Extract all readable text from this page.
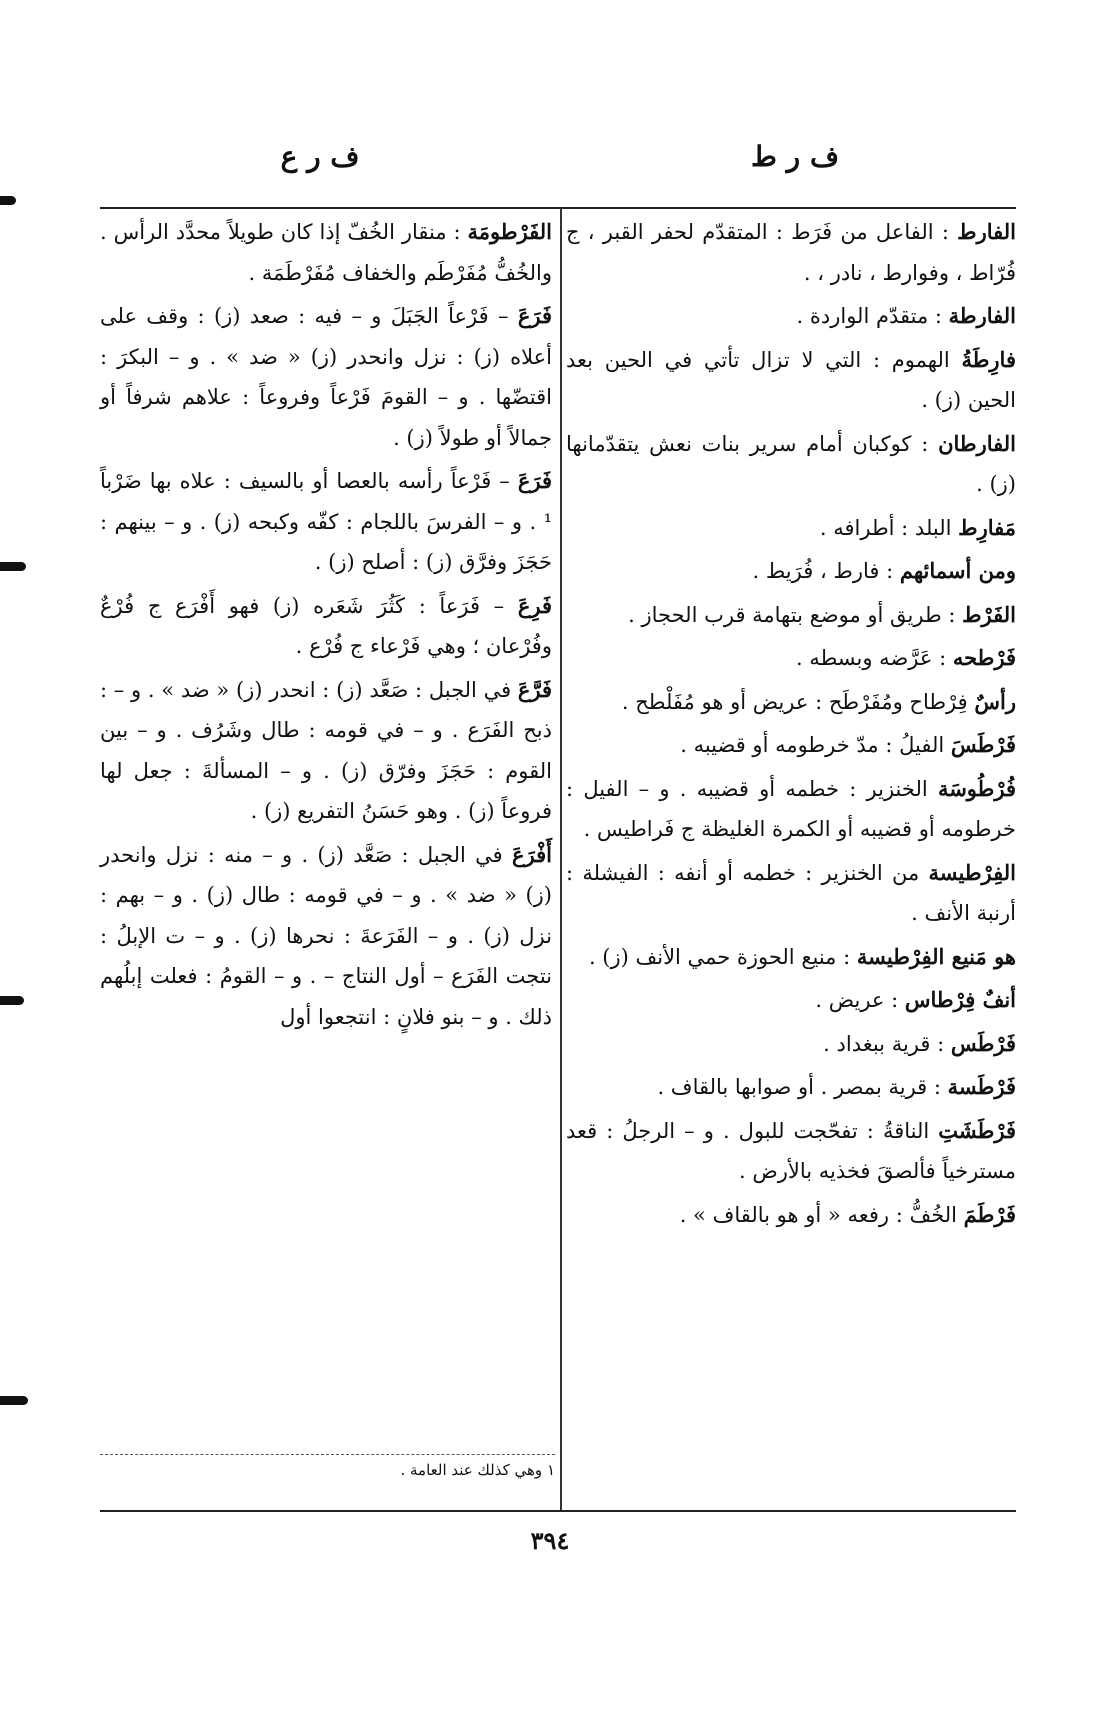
ف ر ط
ف ر ع
الفارط : الفاعل من فَرَط : المتقدّم لحفر القبر ، ج فُرّاط ، وفوارط ، نادر ، .
الفارطة : متقدّم الواردة .
فارِطَةُ الهموم : التي لا تزال تأتي في الحين بعد الحين (ز) .
الفارطان : كوكبان أمام سرير بنات نعش يتقدّمانها (ز) .
مَفارِط البلد : أطرافه .
ومن أسمائهم : فارط ، فُرَيط .
الفَرْط : طريق أو موضع بتهامة قرب الحجاز .
فَرْطحه : عَرَّضه وبسطه .
رأسٌ فِرْطاح ومُفَرْطَح : عريض أو هو مُفَلْطح .
فَرْطَسَ الفيلُ : مدّ خرطومه أو قضيبه .
فُرْطُوسَة الخنزير : خطمه أو قضيبه . و – الفيل : خرطومه أو قضيبه أو الكمرة الغليظة ج فَراطيس .
الفِرْطيسة من الخنزير : خطمه أو أنفه : الفيشلة : أرنبة الأنف .
هو مَنيع الفِرْطيسة : منيع الحوزة حمي الأنف (ز) .
أنفٌ فِرْطاس : عريض .
فَرْطَس : قرية ببغداد .
فَرْطَسة : قرية بمصر . أو صوابها بالقاف .
فَرْطَشَتِ الناقةُ : تفحّجت للبول . و – الرجلُ : قعد مسترخياً فألصقَ فخذيه بالأرض .
فَرْطَمَ الخُفُّ : رفعه « أو هو بالقاف » .
الفَرْطومَة : منقار الخُفّ إذا كان طويلاً محدَّد الرأس . والخُفُّ مُفَرْطَم والخفاف مُفَرْطَمَة .
فَرَعَ – فَرْعاً الجَبَلَ و – فيه : صعد (ز) : وقف على أعلاه (ز) : نزل وانحدر (ز) « ضد » . و – البكرَ : اقتضّها . و – القومَ فَرْعاً وفروعاً : علاهم شرفاً أو جمالاً أو طولاً (ز) .
فَرَعَ – فَرْعاً رأسه بالعصا أو بالسيف : علاه بها ضَرْباً ¹ . و – الفرسَ باللجام : كفّه وكبحه (ز) . و – بينهم : حَجَزَ وفرَّق (ز) : أصلح (ز) .
فَرِعَ – فَرَعاً : كَثُرَ شَعَره (ز) فهو أَفْرَع ج فُرْعٌ وفُرْعان ؛ وهي فَرْعاء ج فُرْع .
فَرَّعَ في الجبل : صَعَّد (ز) : انحدر (ز) « ضد » . و – : ذبح الفَرَع . و – في قومه : طال وشَرُف . و – بين القوم : حَجَزَ وفرّق (ز) . و – المسألةَ : جعل لها فروعاً (ز) . وهو حَسَنُ التفريع (ز) .
أَفْرَعَ في الجبل : صَعَّد (ز) . و – منه : نزل وانحدر (ز) « ضد » . و – في قومه : طال (ز) . و – بهم : نزل (ز) . و – الفَرَعةَ : نحرها (ز) . و – ت الإبلُ : نتجت الفَرَع – أول النتاج – . و – القومُ : فعلت إبلُهم ذلك . و – بنو فلانٍ : انتجعوا أول
١ وهي كذلك عند العامة .
٣٩٤
